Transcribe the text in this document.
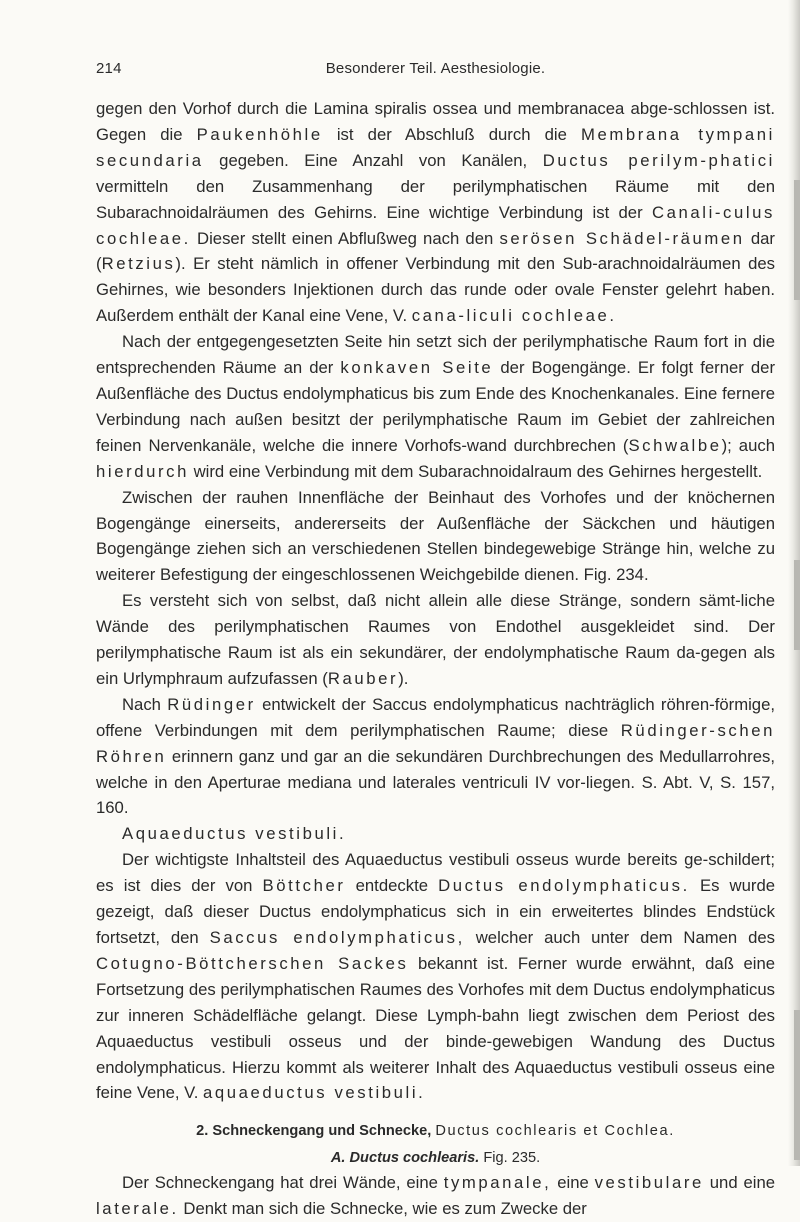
214	Besonderer Teil. Aesthesiologie.

gegen den Vorhof durch die Lamina spiralis ossea und membranacea abge-schlossen ist. Gegen die Paukenhöhle ist der Abschluß durch die Membrana tympani secundaria gegeben. Eine Anzahl von Kanälen, Ductus perilym-phatici vermitteln den Zusammenhang der perilymphatischen Räume mit den Subarachnoidalräumen des Gehirns. Eine wichtige Verbindung ist der Canali-culus cochleae. Dieser stellt einen Abflußweg nach den serösen Schädel-räumen dar (Retzius). Er steht nämlich in offener Verbindung mit den Sub-arachnoidalräumen des Gehirnes, wie besonders Injektionen durch das runde oder ovale Fenster gelehrt haben. Außerdem enthält der Kanal eine Vene, V. cana-liculi cochleae.

Nach der entgegengesetzten Seite hin setzt sich der perilymphatische Raum fort in die entsprechenden Räume an der konkaven Seite der Bogengänge. Er folgt ferner der Außenfläche des Ductus endolymphaticus bis zum Ende des Knochenkanales. Eine fernere Verbindung nach außen besitzt der perilymphatische Raum im Gebiet der zahlreichen feinen Nervenkanäle, welche die innere Vorhofs-wand durchbrechen (Schwalbe); auch hierdurch wird eine Verbindung mit dem Subarachnoidalraum des Gehirnes hergestellt.

Zwischen der rauhen Innenfläche der Beinhaut des Vorhofes und der knöchernen Bogengänge einerseits, andererseits der Außenfläche der Säckchen und häutigen Bogengänge ziehen sich an verschiedenen Stellen bindegewebige Stränge hin, welche zu weiterer Befestigung der eingeschlossenen Weichgebilde dienen. Fig. 234.

Es versteht sich von selbst, daß nicht allein alle diese Stränge, sondern sämt-liche Wände des perilymphatischen Raumes von Endothel ausgekleidet sind. Der perilymphatische Raum ist als ein sekundärer, der endolymphatische Raum da-gegen als ein Urlymphraum aufzufassen (Rauber).

Nach Rüdinger entwickelt der Saccus endolymphaticus nachträglich röhren-förmige, offene Verbindungen mit dem perilymphatischen Raume; diese Rüdinger-schen Röhren erinnern ganz und gar an die sekundären Durchbrechungen des Medullarrohres, welche in den Aperturae mediana und laterales ventriculi IV vor-liegen. S. Abt. V, S. 157, 160.

Aquaeductus vestibuli.

Der wichtigste Inhaltsteil des Aquaeductus vestibuli osseus wurde bereits ge-schildert; es ist dies der von Böttcher entdeckte Ductus endolymphaticus. Es wurde gezeigt, daß dieser Ductus endolymphaticus sich in ein erweitertes blindes Endstück fortsetzt, den Saccus endolymphaticus, welcher auch unter dem Namen des Cotugno-Böttcherschen Sackes bekannt ist. Ferner wurde erwähnt, daß eine Fortsetzung des perilymphatischen Raumes des Vorhofes mit dem Ductus endolymphaticus zur inneren Schädelfläche gelangt. Diese Lymph-bahn liegt zwischen dem Periost des Aquaeductus vestibuli osseus und der binde-gewebigen Wandung des Ductus endolymphaticus. Hierzu kommt als weiterer Inhalt des Aquaeductus vestibuli osseus eine feine Vene, V. aquaeductus vestibuli.

2. Schneckengang und Schnecke, Ductus cochlearis et Cochlea.

A. Ductus cochlearis. Fig. 235.

Der Schneckengang hat drei Wände, eine tympanale, eine vestibulare und eine laterale. Denkt man sich die Schnecke, wie es zum Zwecke der
